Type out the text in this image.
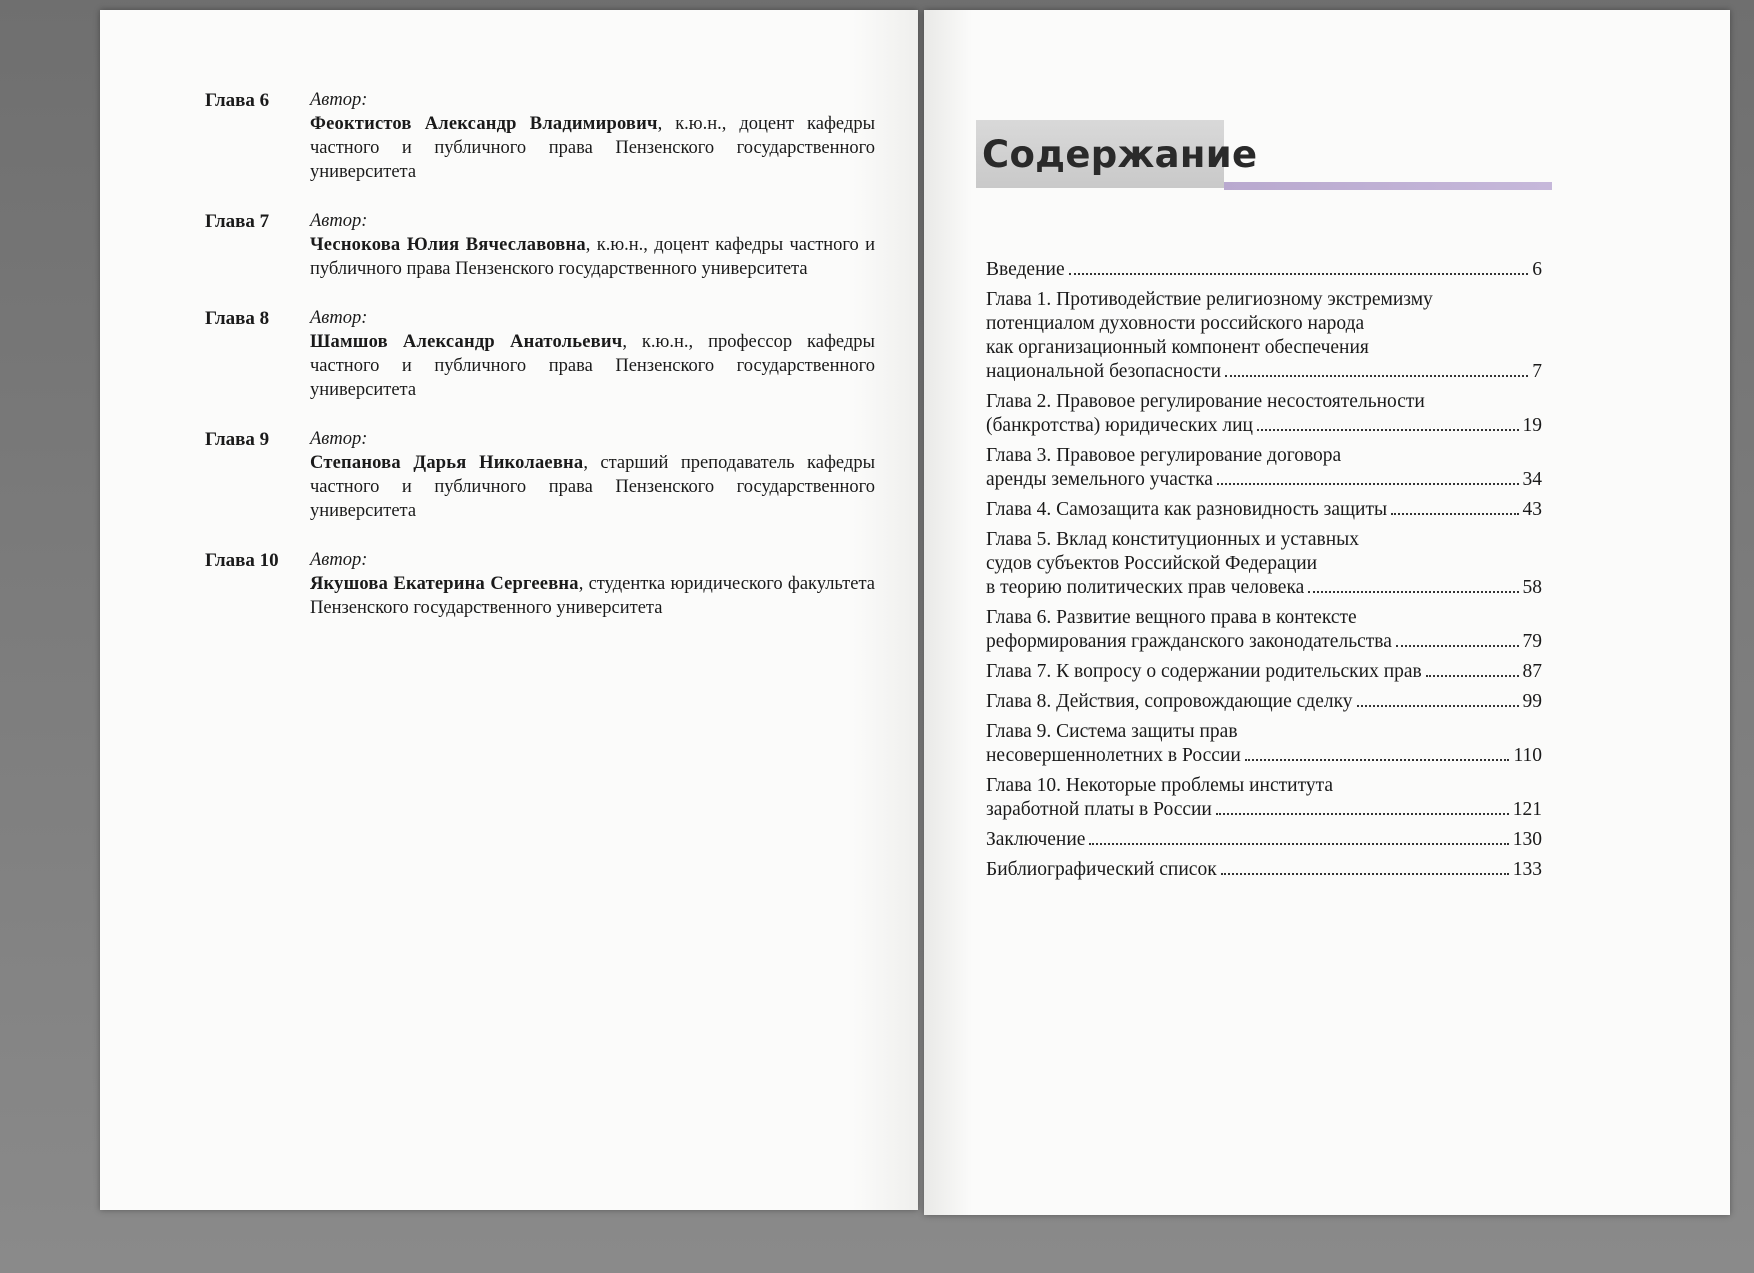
Глава 6	Автор:
Феоктистов Александр Владимирович, к.ю.н., доцент кафедры частного и публичного права Пензенского государственного университета
Глава 7	Автор:
Чеснокова Юлия Вячеславовна, к.ю.н., доцент кафедры частного и публичного права Пензенского государственного университета
Глава 8	Автор:
Шамшов Александр Анатольевич, к.ю.н., профессор кафедры частного и публичного права Пензенского государственного университета
Глава 9	Автор:
Степанова Дарья Николаевна, старший преподаватель кафедры частного и публичного права Пензенского государственного университета
Глава 10	Автор:
Якушова Екатерина Сергеевна, студентка юридического факультета Пензенского государственного университета
Содержание
Введение	6
Глава 1. Противодействие религиозному экстремизму
потенциалом духовности российского народа
как организационный компонент обеспечения
национальной безопасности	7
Глава 2. Правовое регулирование несостоятельности
(банкротства) юридических лиц	19
Глава 3. Правовое регулирование договора
аренды земельного участка	34
Глава 4. Самозащита как разновидность защиты	43
Глава 5. Вклад конституционных и уставных
судов субъектов Российской Федерации
в теорию политических прав человека	58
Глава 6. Развитие вещного права в контексте
реформирования гражданского законодательства	79
Глава 7. К вопросу о содержании родительских прав	87
Глава 8. Действия, сопровождающие сделку	99
Глава 9. Система защиты прав
несовершеннолетних в России	110
Глава 10. Некоторые проблемы института
заработной платы в России	121
Заключение	130
Библиографический список	133
